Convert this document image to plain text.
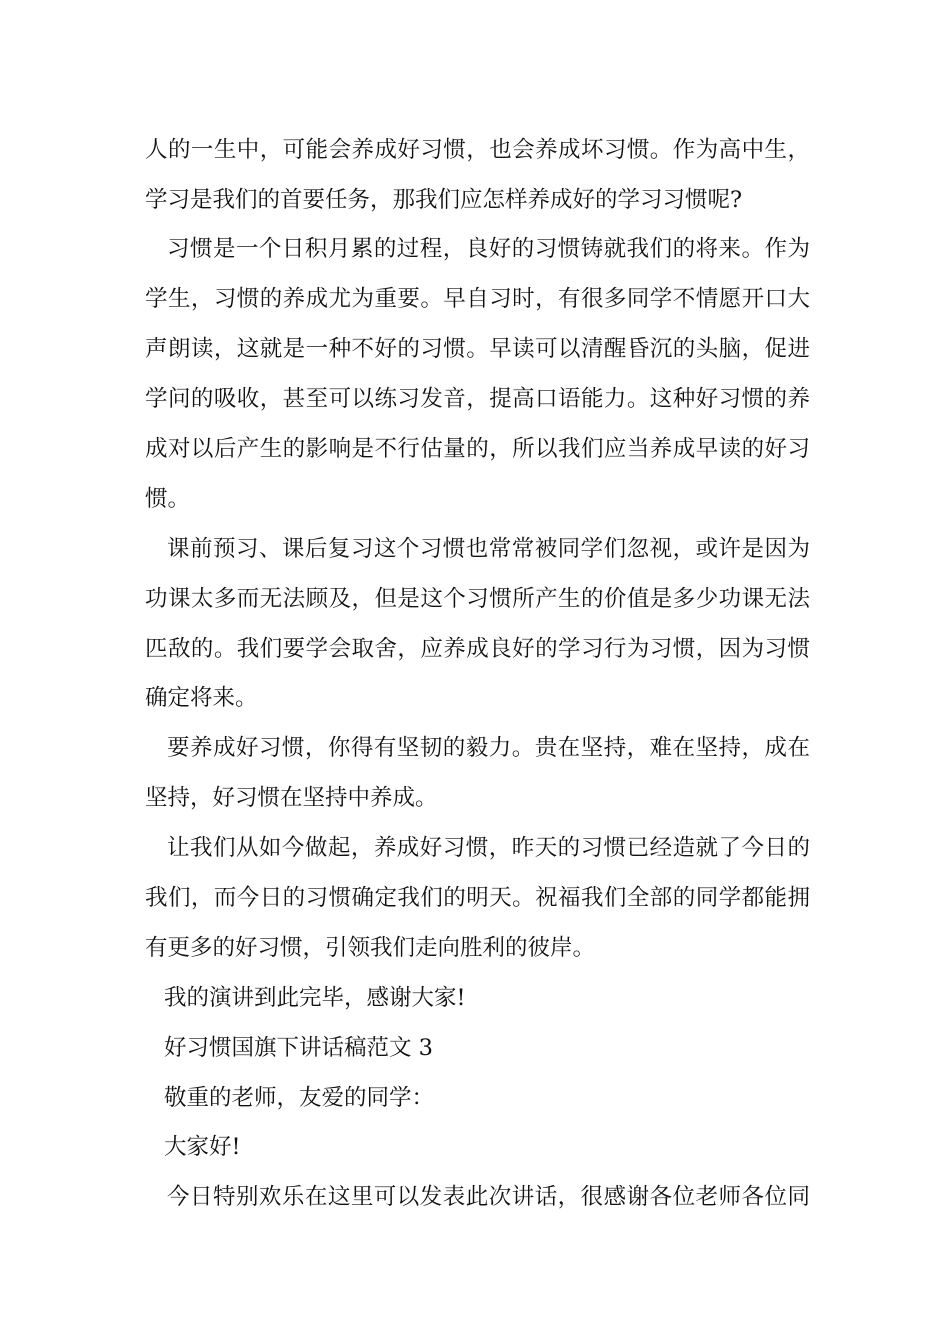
人的一生中，可能会养成好习惯，也会养成坏习惯。作为高中生，
学习是我们的首要任务，那我们应怎样养成好的学习习惯呢?
习惯是一个日积月累的过程，良好的习惯铸就我们的将来。作为
学生，习惯的养成尤为重要。早自习时，有很多同学不情愿开口大
声朗读，这就是一种不好的习惯。早读可以清醒昏沉的头脑，促进
学问的吸收，甚至可以练习发音，提高口语能力。这种好习惯的养
成对以后产生的影响是不行估量的，所以我们应当养成早读的好习
惯。
课前预习、课后复习这个习惯也常常被同学们忽视，或许是因为
功课太多而无法顾及，但是这个习惯所产生的价值是多少功课无法
匹敌的。我们要学会取舍，应养成良好的学习行为习惯，因为习惯
确定将来。
要养成好习惯，你得有坚韧的毅力。贵在坚持，难在坚持，成在
坚持，好习惯在坚持中养成。
让我们从如今做起，养成好习惯，昨天的习惯已经造就了今日的
我们，而今日的习惯确定我们的明天。祝福我们全部的同学都能拥
有更多的好习惯，引领我们走向胜利的彼岸。
我的演讲到此完毕，感谢大家!
好习惯国旗下讲话稿范文 3
敬重的老师，友爱的同学：
大家好!
今日特别欢乐在这里可以发表此次讲话，很感谢各位老师各位同
